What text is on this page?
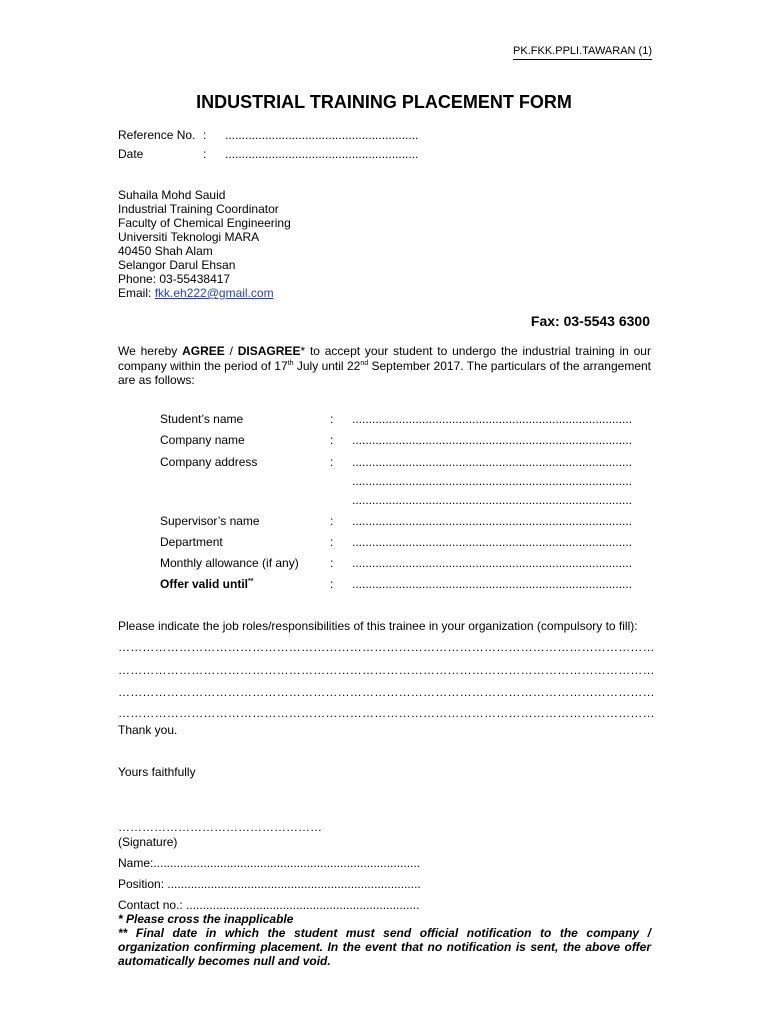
PK.FKK.PPLI.TAWARAN (1)
INDUSTRIAL TRAINING PLACEMENT FORM
Reference No. : ..........................................................
Date	: ..........................................................
Suhaila Mohd Sauid
Industrial Training Coordinator
Faculty of Chemical Engineering
Universiti Teknologi MARA
40450 Shah Alam
Selangor Darul Ehsan
Phone: 03-55438417
Email: fkk.eh222@gmail.com
Fax: 03-5543 6300
We hereby AGREE / DISAGREE* to accept your student to undergo the industrial training in our company within the period of 17th July until 22nd September 2017. The particulars of the arrangement are as follows:
Student’s name	: ....................................................................................
Company name	: ....................................................................................
Company address	: ....................................................................................
....................................................................................
....................................................................................
Supervisor’s name	: ....................................................................................
Department	: ....................................................................................
Monthly allowance (if any)	: ....................................................................................
Offer valid until**	: ....................................................................................
Please indicate the job roles/responsibilities of this trainee in your organization (compulsory to fill):
……………………………………………………………………………………………………………………
……………………………………………………………………………………………………………………
……………………………………………………………………………………………………………………
……………………………………………………………………………………………………………………
Thank you.
Yours faithfully
……………………………………………
(Signature)
Name:................................................................................
Position: ............................................................................
Contact no.: ......................................................................
* Please cross the inapplicable
** Final date in which the student must send official notification to the company / organization confirming placement. In the event that no notification is sent, the above offer automatically becomes null and void.
